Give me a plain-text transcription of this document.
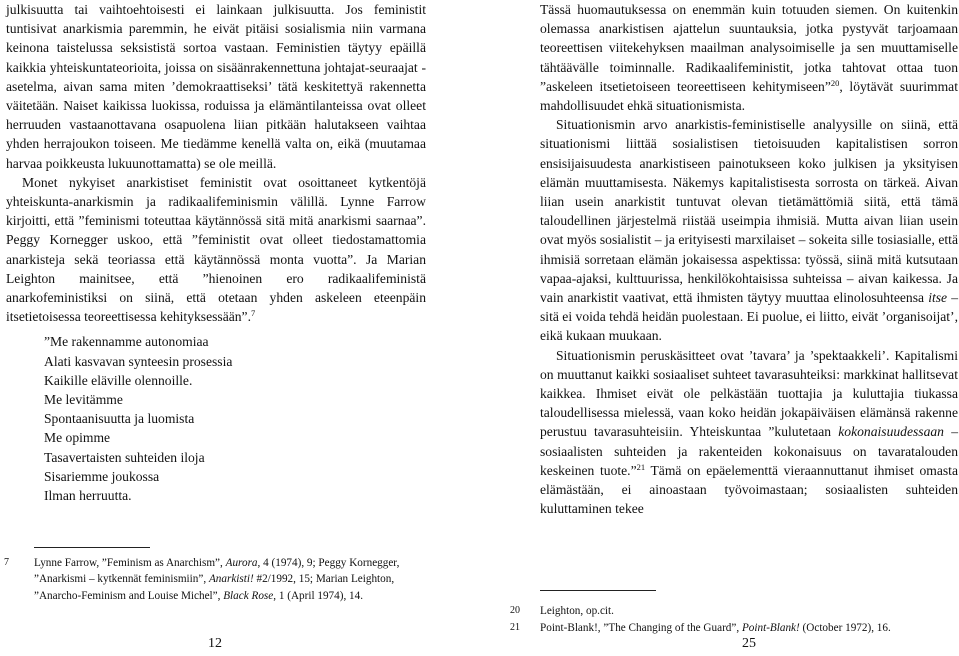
julkisuutta tai vaihtoehtoisesti ei lainkaan julkisuutta. Jos feministit tuntisivat anarkismia paremmin, he eivät pitäisi sosialismia niin varmana keinona taistelussa seksististä sortoa vastaan. Feministien täytyy epäillä kaikkia yhteiskuntateorioita, joissa on sisäänrakennettuna johtajat-seuraajat -asetelma, aivan sama miten ’demokraattiseksi’ tätä keskitettyä rakennetta väitetään. Naiset kaikissa luokissa, roduissa ja elämäntilanteissa ovat olleet herruuden vastaanottavana osapuolena liian pitkään halutakseen vaihtaa yhden herrajoukon toiseen. Me tiedämme kenellä valta on, eikä (muutamaa harvaa poikkeusta lukuunottamatta) se ole meillä.

Monet nykyiset anarkistiset feministit ovat osoittaneet kytkentöjä yhteiskunta-anarkismin ja radikaalifeminismin välillä. Lynne Farrow kirjoitti, että ”feminismi toteuttaa käytännössä sitä mitä anarkismi saarnaa”. Peggy Kornegger uskoo, että ”feministit ovat olleet tiedostamattomia anarkisteja sekä teoriassa että käytännössä monta vuotta”. Ja Marian Leighton mainitsee, että ”hienoinen ero radikaalifeministä anarkofeministiksi on siinä, että otetaan yhden askeleen eteenpäin itsetietoisessa teoreettisessa kehityksessään”.$^7$

”Me rakennamme autonomiaa
Alati kasvavan synteesin prosessia
Kaikille eläville olennoille.
Me levitämme
Spontaanisuutta ja luomista
Me opimme
Tasavertaisten suhteiden iloja
Sisariemme joukossa
Ilman herruutta.
7 Lynne Farrow, ”Feminism as Anarchism”, Aurora, 4 (1974), 9; Peggy Kornegger, ”Anarkismi – kytkennät feminismiin”, Anarkisti! #2/1992, 15; Marian Leighton, ”Anarcho-Feminism and Louise Michel”, Black Rose, 1 (April 1974), 14.
12

Tässä huomautuksessa on enemmän kuin totuuden siemen. On kuitenkin olemassa anarkistisen ajattelun suuntauksia, jotka pystyvät tarjoamaan teoreettisen viitekehyksen maailman analysoimiselle ja sen muuttamiselle tähtäävälle toiminnalle. Radikaalifeministit, jotka tahtovat ottaa tuon ”askeleen itsetietoiseen teoreettiseen kehitymiseen”$^{20}$, löytävät suurimmat mahdollisuudet ehkä situationismista.

Situationismin arvo anarkistis-feministiselle analyysille on siinä, että situationismi liittää sosialistisen tietoisuuden kapitalistisen sorron ensisijaisuudesta anarkistiseen painotukseen koko julkisen ja yksityisen elämän muuttamisesta. Näkemys kapitalistisesta sorrosta on tärkeä. Aivan liian usein anarkistit tuntuvat olevan tietämättömiä siitä, että tämä taloudellinen järjestelmä riistää useimpia ihmisiä. Mutta aivan liian usein ovat myös sosialistit – ja erityisesti marxilaiset – sokeita sille tosiasialle, että ihmisiä sorretaan elämän jokaisessa aspektissa: työssä, siinä mitä kutsutaan vapaa-ajaksi, kulttuurissa, henkilökohtaisissa suhteissa – aivan kaikessa. Ja vain anarkistit vaativat, että ihmisten täytyy muuttaa elinolosuhteensa itse – sitä ei voida tehdä heidän puolestaan. Ei puolue, ei liitto, eivät ’organisoijat’, eikä kukaan muukaan.

Situationismin peruskäsitteet ovat ’tavara’ ja ’spektaakkeli’. Kapitalismi on muuttanut kaikki sosiaaliset suhteet tavarasuhteiksi: markkinat hallitsevat kaikkea. Ihmiset eivät ole pelkästään tuottajia ja kuluttajia tiukassa taloudellisessa mielessä, vaan koko heidän jokapäiväisen elämänsä rakenne perustuu tavarasuhteisiin. Yhteiskuntaa ”kulutetaan kokonaisuudessaan – sosiaalisten suhteiden ja rakenteiden kokonaisuus on tavaratalouden keskeinen tuote.”$^{21}$ Tämä on epäelementtä vieraannuttanut ihmiset omasta elämästään, ei ainoastaan työvoimastaan; sosiaalisten suhteiden kuluttaminen tekee

20 Leighton, op.cit.
21 Point-Blank!, ”The Changing of the Guard”, Point-Blank! (October 1972), 16.
25
